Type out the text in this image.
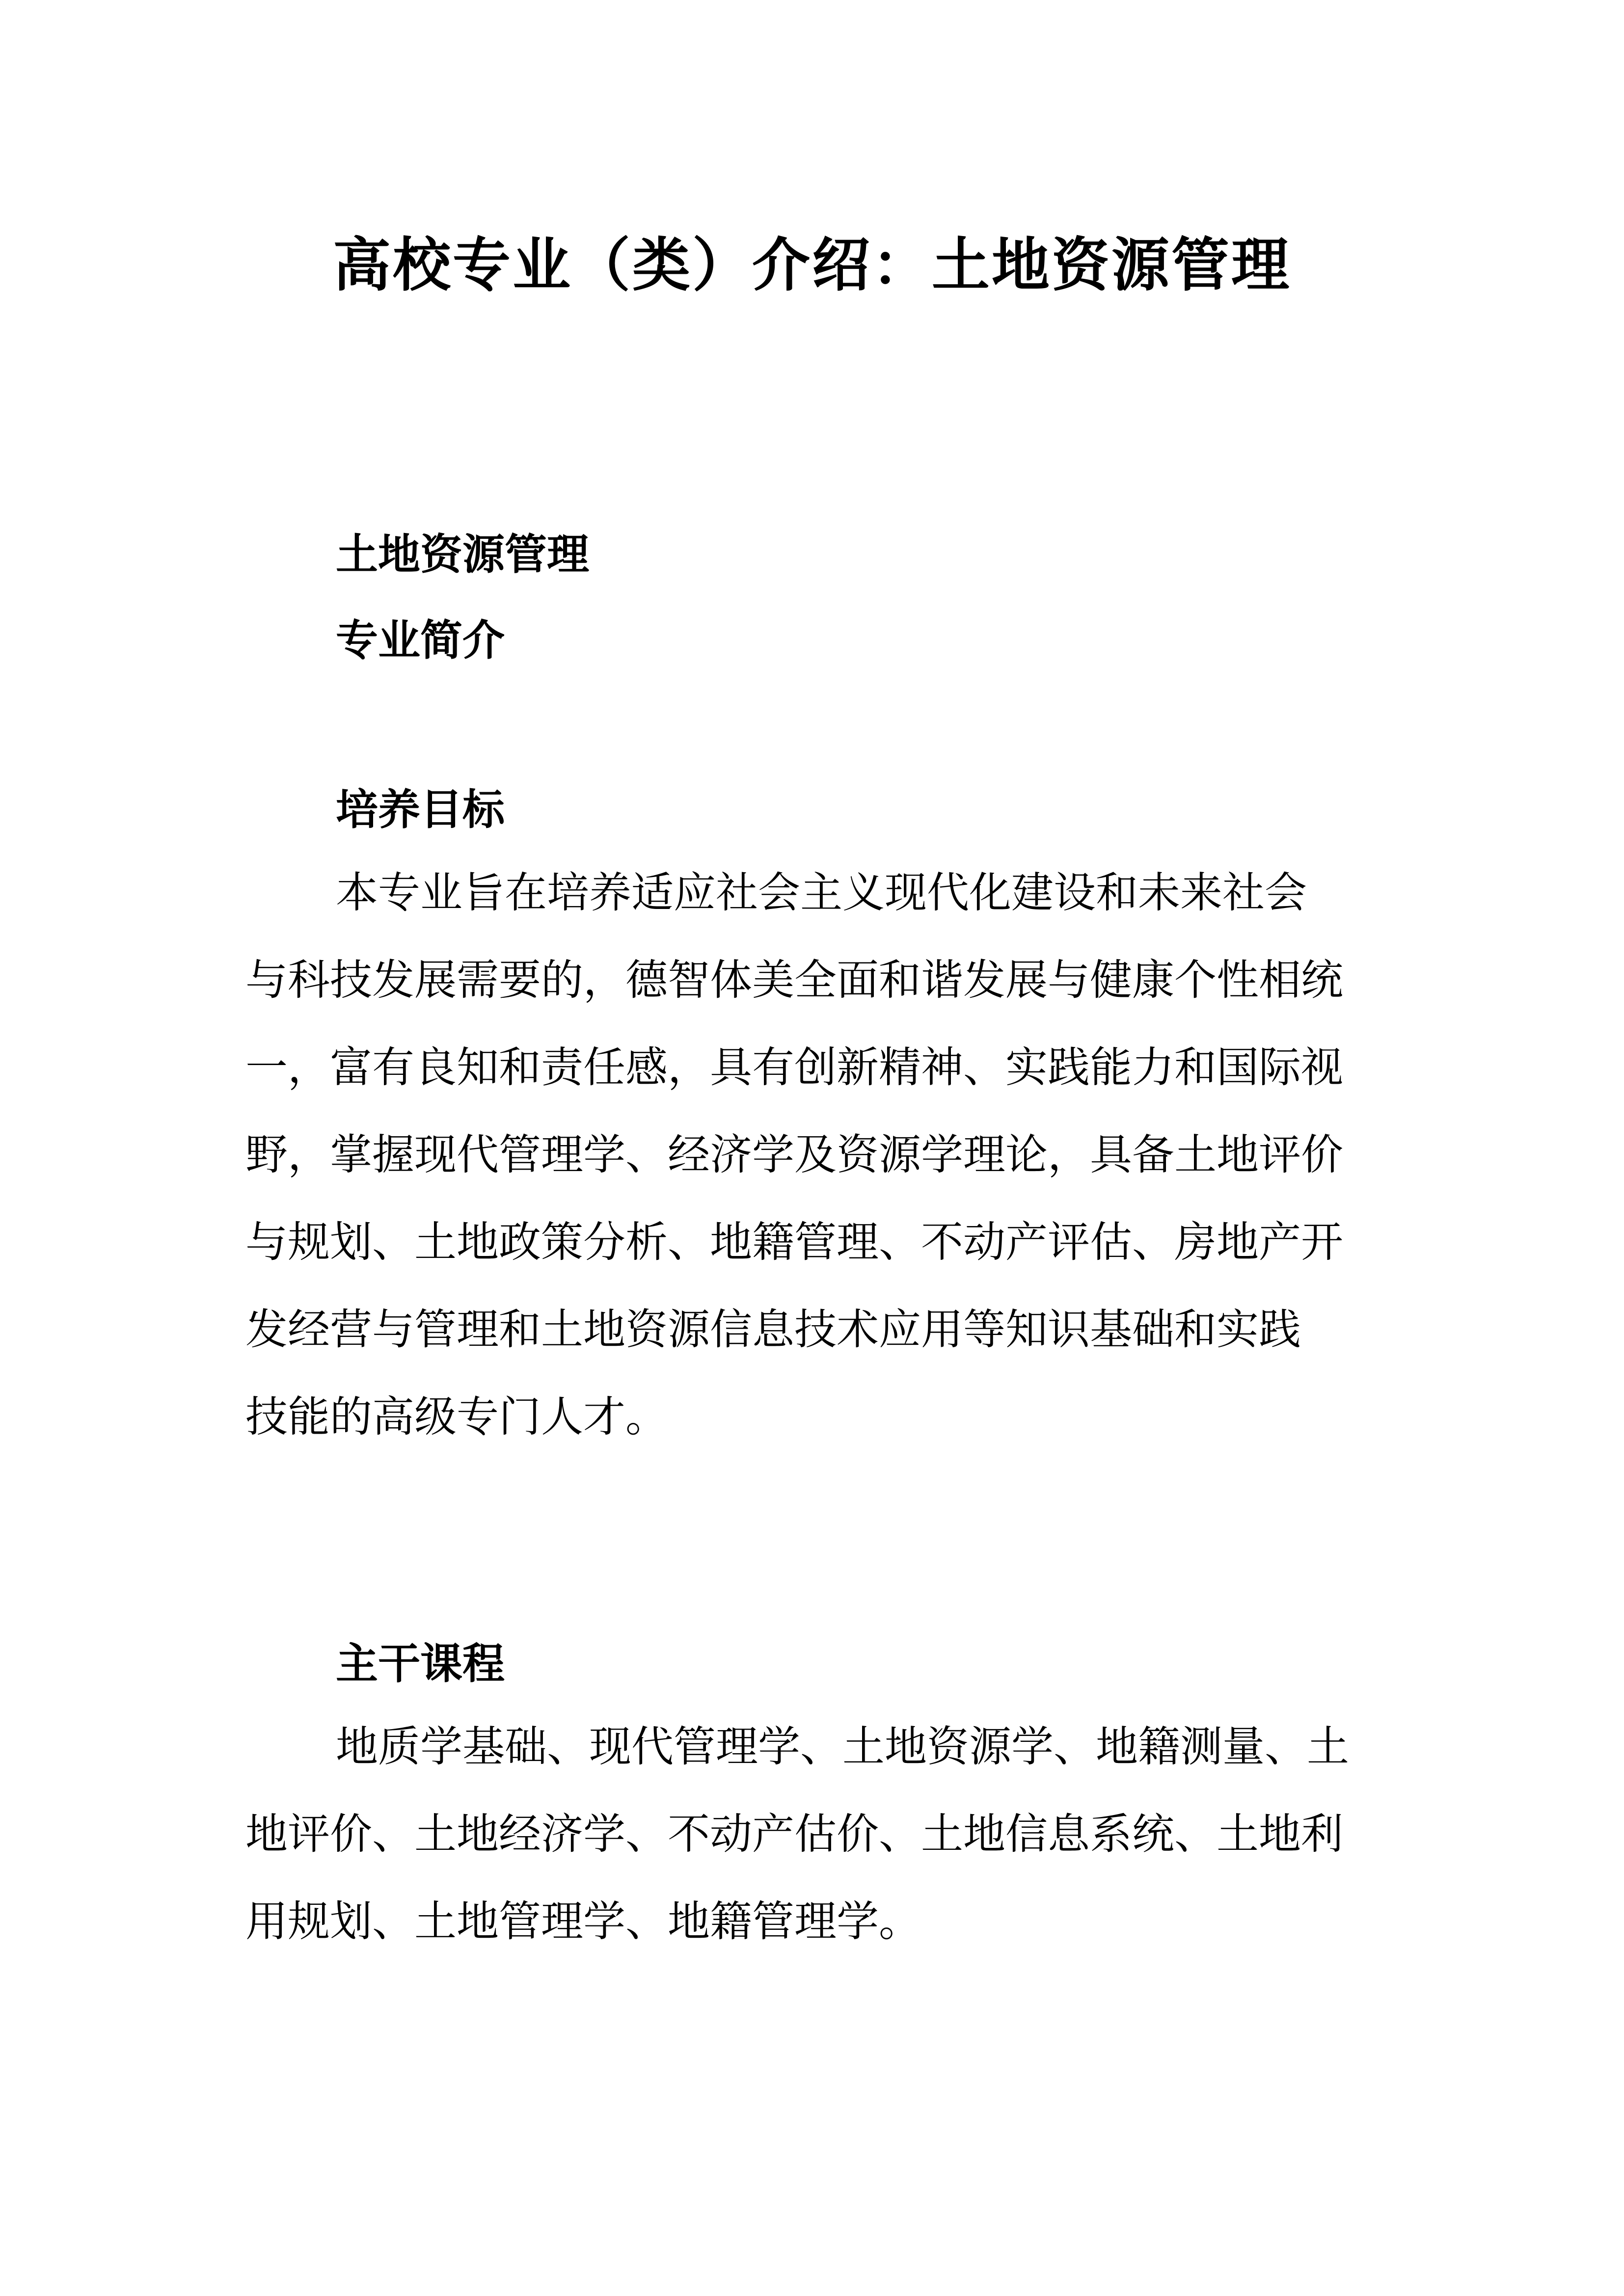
高校专业（类）介绍：土地资源管理
土地资源管理
专业简介
培养目标
本专业旨在培养适应社会主义现代化建设和未来社会
与科技发展需要的，德智体美全面和谐发展与健康个性相统
一，富有良知和责任感，具有创新精神、实践能力和国际视
野，掌握现代管理学、经济学及资源学理论，具备土地评价
与规划、土地政策分析、地籍管理、不动产评估、房地产开
发经营与管理和土地资源信息技术应用等知识基础和实践
技能的高级专门人才。
主干课程
地质学基础、现代管理学、土地资源学、地籍测量、土
地评价、土地经济学、不动产估价、土地信息系统、土地利
用规划、土地管理学、地籍管理学。
